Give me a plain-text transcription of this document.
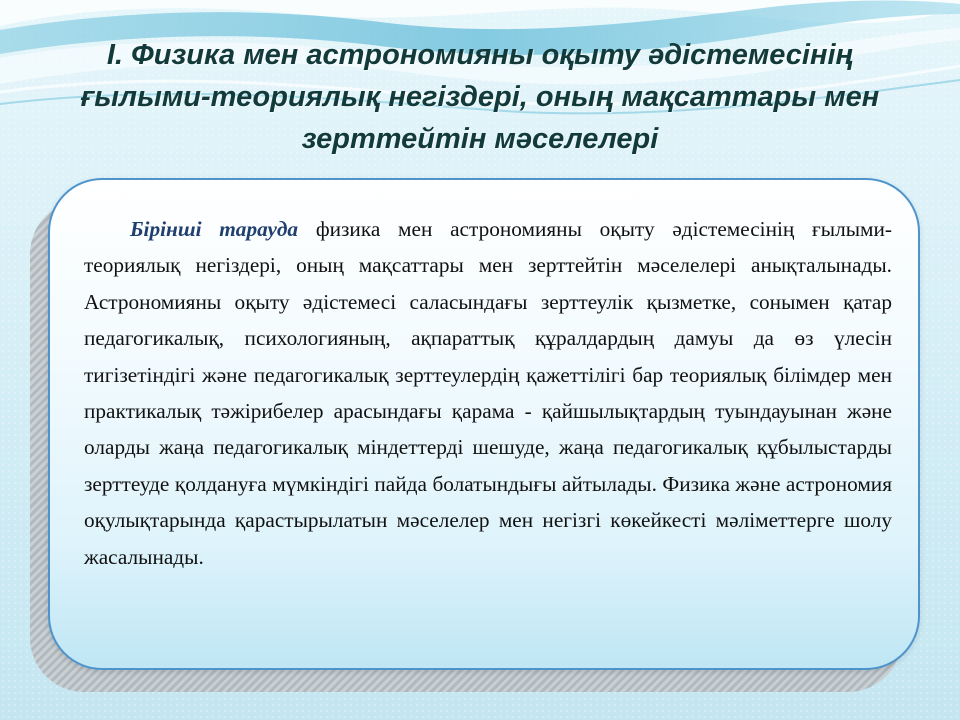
I. Физика мен астрономияны оқыту әдістемесінің ғылыми-теориялық негіздері, оның мақсаттары мен зерттейтін мәселелері

Бірінші тарауда физика мен астрономияны оқыту әдістемесінің ғылыми-теориялық негіздері, оның мақсаттары мен зерттейтін мәселелері анықталынады. Астрономияны оқыту әдістемесі саласындағы зерттеулік қызметке, сонымен қатар педагогикалық, психологияның, ақпараттық құралдардың дамуы да өз үлесін тигізетіндігі және педагогикалық зерттеулердің қажеттілігі бар теориялық білімдер мен практикалық тәжірибелер арасындағы қарама - қайшылықтардың туындауынан және оларды жаңа педагогикалық міндеттерді шешуде, жаңа педагогикалық құбылыстарды зерттеуде қолдануға мүмкіндігі пайда болатындығы айтылады. Физика және астрономия оқулықтарында қарастырылатын мәселелер мен негізгі көкейкесті мәліметтерге шолу жасалынады.
